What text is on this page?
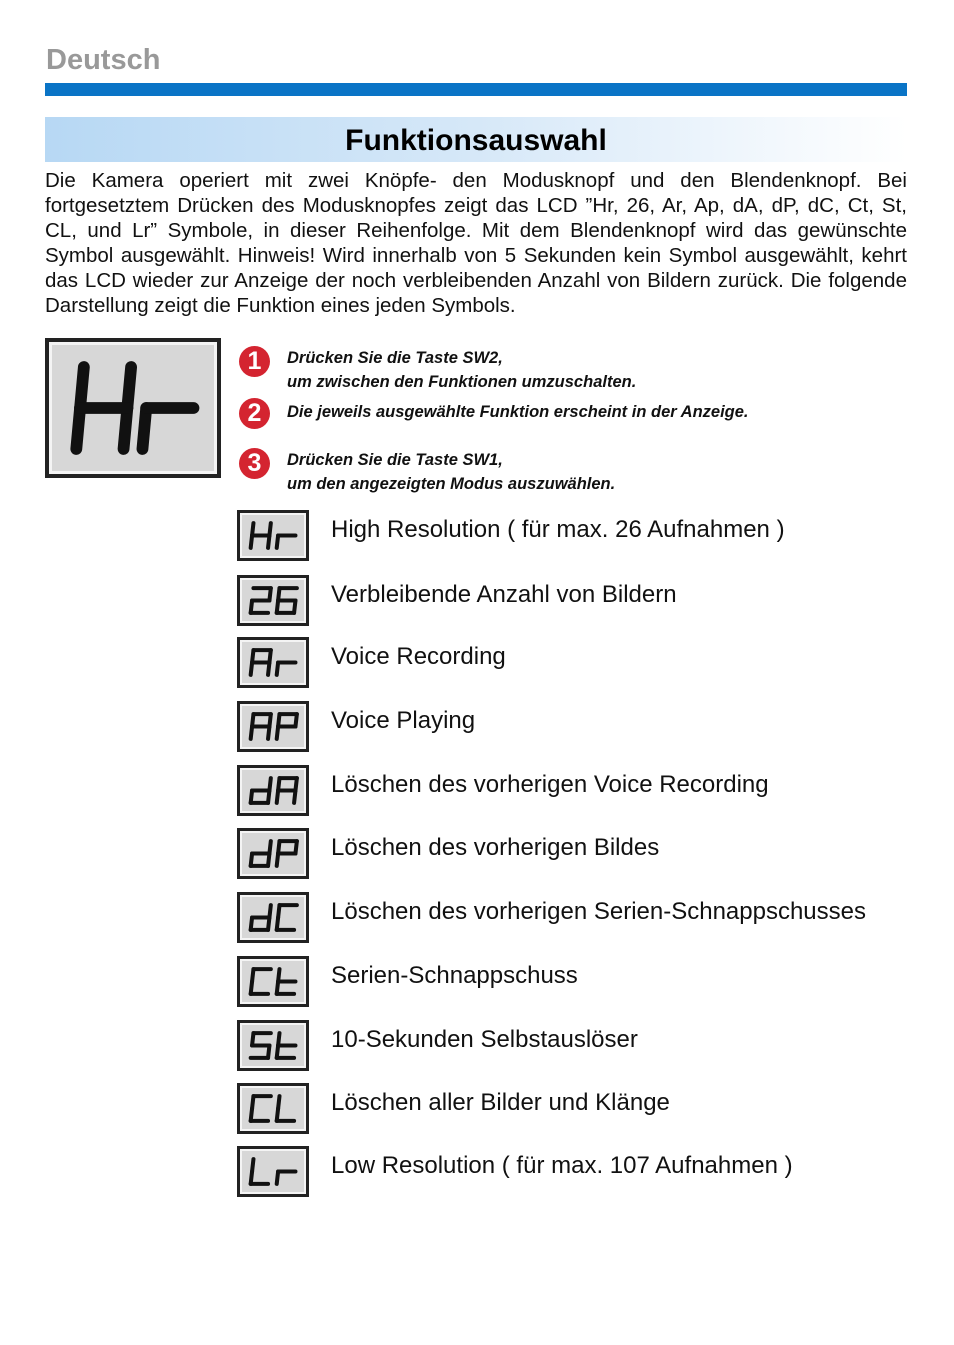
Deutsch
Funktionsauswahl

Die Kamera operiert mit zwei Knöpfe- den Modusknopf und den Blendenknopf. Bei fortgesetztem Drücken des Modusknopfes zeigt das LCD ”Hr, 26, Ar, Ap, dA, dP, dC, Ct, St, CL, und Lr” Symbole, in dieser Reihenfolge. Mit dem Blendenknopf wird das gewünschte Symbol ausgewählt. Hinweis! Wird innerhalb von 5 Sekunden kein Symbol ausgewählt, kehrt das LCD wieder zur Anzeige der noch verbleibenden Anzahl von Bildern zurück. Die folgende Darstellung zeigt die Funktion eines jeden Symbols.

1	Drücken Sie die Taste SW2,
um zwischen den Funktionen umzuschalten.
2	Die jeweils ausgewählte Funktion erscheint in der Anzeige.
3	Drücken Sie die Taste SW1,
um den angezeigten Modus auszuwählen.
High Resolution ( für max. 26 Aufnahmen )
Verbleibende Anzahl von Bildern
Voice Recording
Voice Playing
Löschen des vorherigen Voice Recording
Löschen des vorherigen Bildes
Löschen des vorherigen Serien-Schnappschusses
Serien-Schnappschuss
10-Sekunden Selbstauslöser
Löschen aller Bilder und Klänge
Low Resolution ( für max. 107 Aufnahmen )
